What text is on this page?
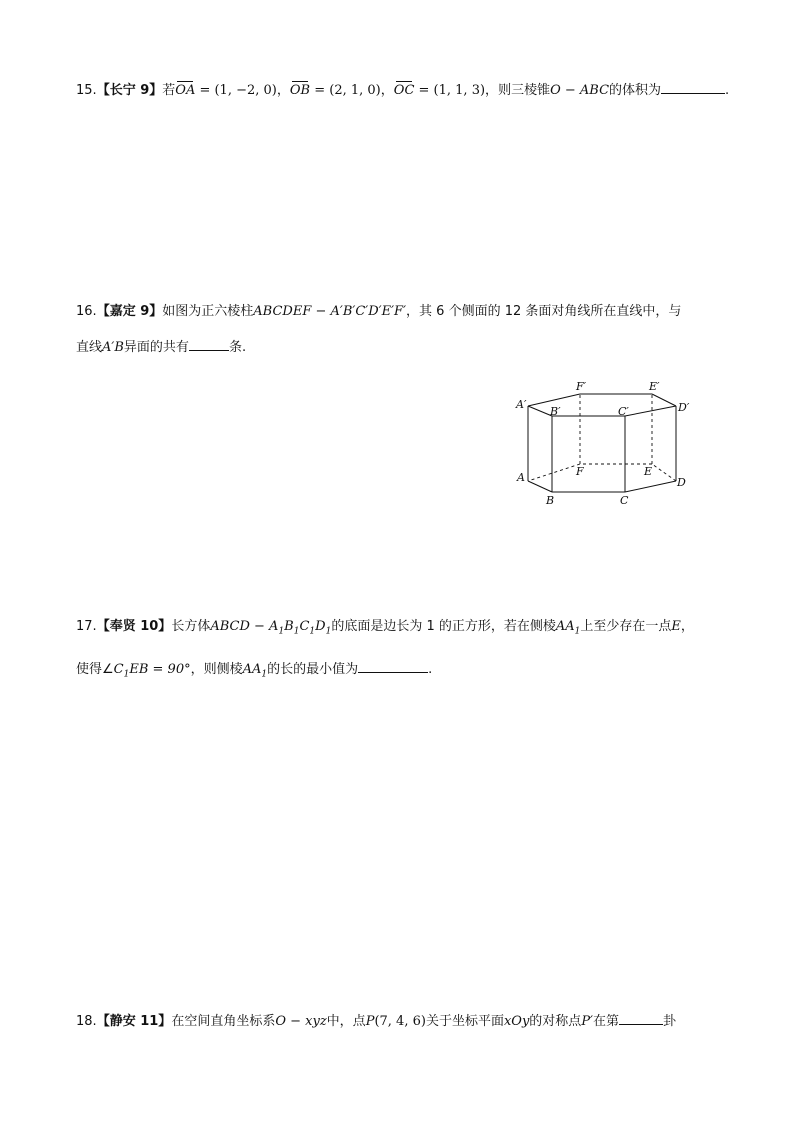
15.【长宁 9】若OA = (1, −2, 0)，OB = (2, 1, 0)，OC = (1, 1, 3)，则三棱锥O − ABC的体积为	.
16.【嘉定 9】如图为正六棱柱ABCDEF − A′B′C′D′E′F′，其 6 个侧面的 12 条面对角线所在直线中，与
直线A′B异面的共有	条.
A′
B′	C′	D′
E′
F′
A
B	C
D
E
F
17.【奉贤 10】长方体ABCD − $A_1B_1C_1D_1$的底面是边长为 1 的正方形，若在侧棱$AA_1$上至少存在一点E，
使得$\angle C_1EB = 90^\circ$，则侧棱$AA_1$的长的最小值为	.
18.【静安 11】在空间直角坐标系O − xyz中，点P(7, 4, 6)关于坐标平面xOy的对称点P′在第	卦
